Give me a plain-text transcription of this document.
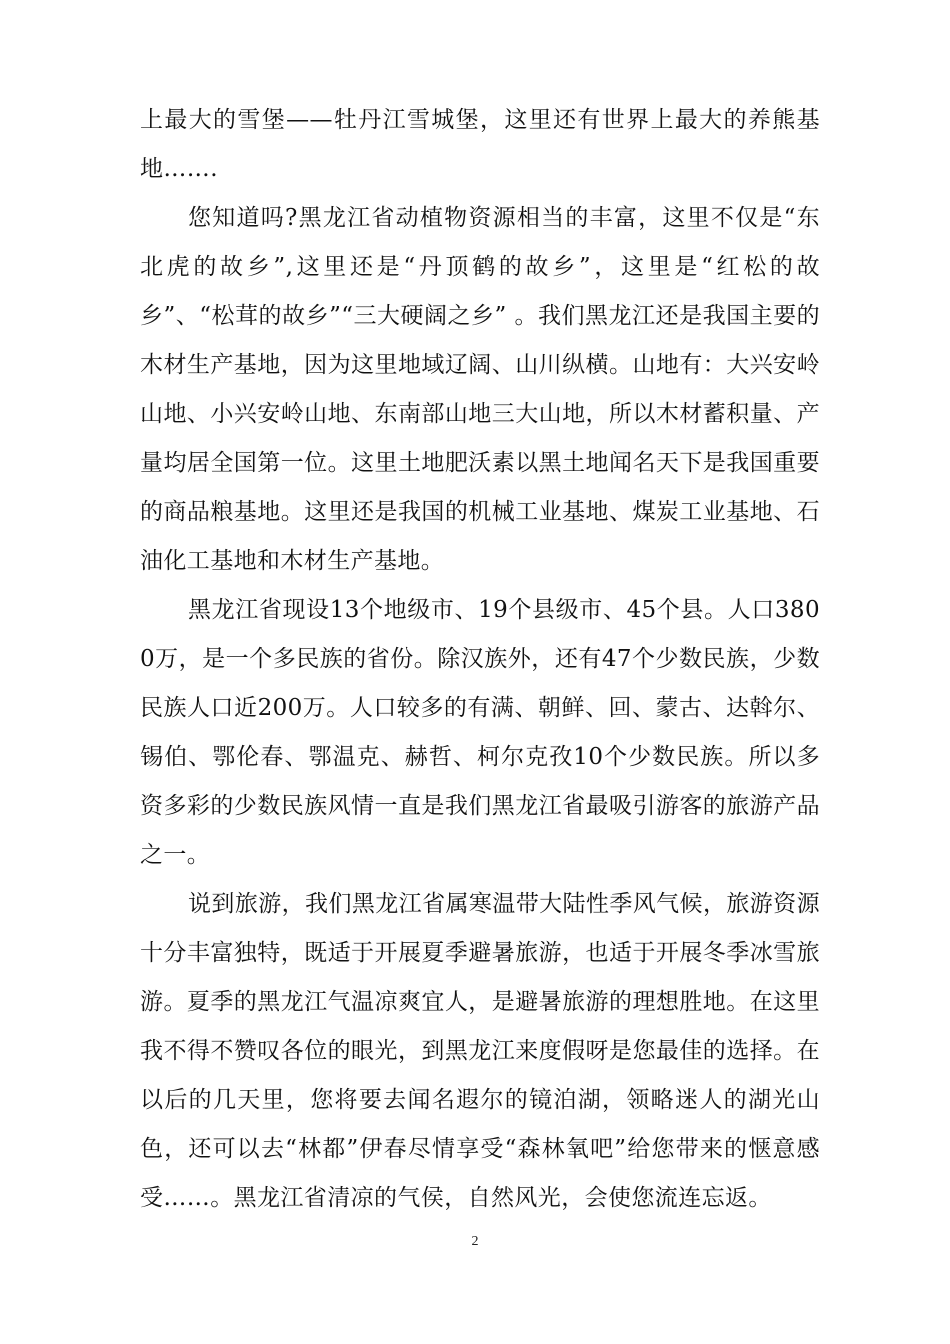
上最大的雪堡——牡丹江雪城堡，这里还有世界上最大的养熊基地…….

您知道吗?黑龙江省动植物资源相当的丰富，这里不仅是“东北虎的故乡”,这里还是“丹顶鹤的故乡”，这里是“红松的故乡”、“松茸的故乡”“三大硬阔之乡” 。我们黑龙江还是我国主要的木材生产基地，因为这里地域辽阔、山川纵横。山地有：大兴安岭山地、小兴安岭山地、东南部山地三大山地，所以木材蓄积量、产量均居全国第一位。这里土地肥沃素以黑土地闻名天下是我国重要的商品粮基地。这里还是我国的机械工业基地、煤炭工业基地、石油化工基地和木材生产基地。

黑龙江省现设13个地级市、19个县级市、45个县。人口3800万，是一个多民族的省份。除汉族外，还有47个少数民族，少数民族人口近200万。人口较多的有满、朝鲜、回、蒙古、达斡尔、锡伯、鄂伦春、鄂温克、赫哲、柯尔克孜10个少数民族。所以多资多彩的少数民族风情一直是我们黑龙江省最吸引游客的旅游产品之一。

说到旅游，我们黑龙江省属寒温带大陆性季风气候，旅游资源十分丰富独特，既适于开展夏季避暑旅游，也适于开展冬季冰雪旅游。夏季的黑龙江气温凉爽宜人，是避暑旅游的理想胜地。在这里我不得不赞叹各位的眼光，到黑龙江来度假呀是您最佳的选择。在以后的几天里，您将要去闻名遐尔的镜泊湖，领略迷人的湖光山色，还可以去“林都”伊春尽情享受“森林氧吧”给您带来的惬意感受……。黑龙江省清凉的气侯，自然风光，会使您流连忘返。

2
